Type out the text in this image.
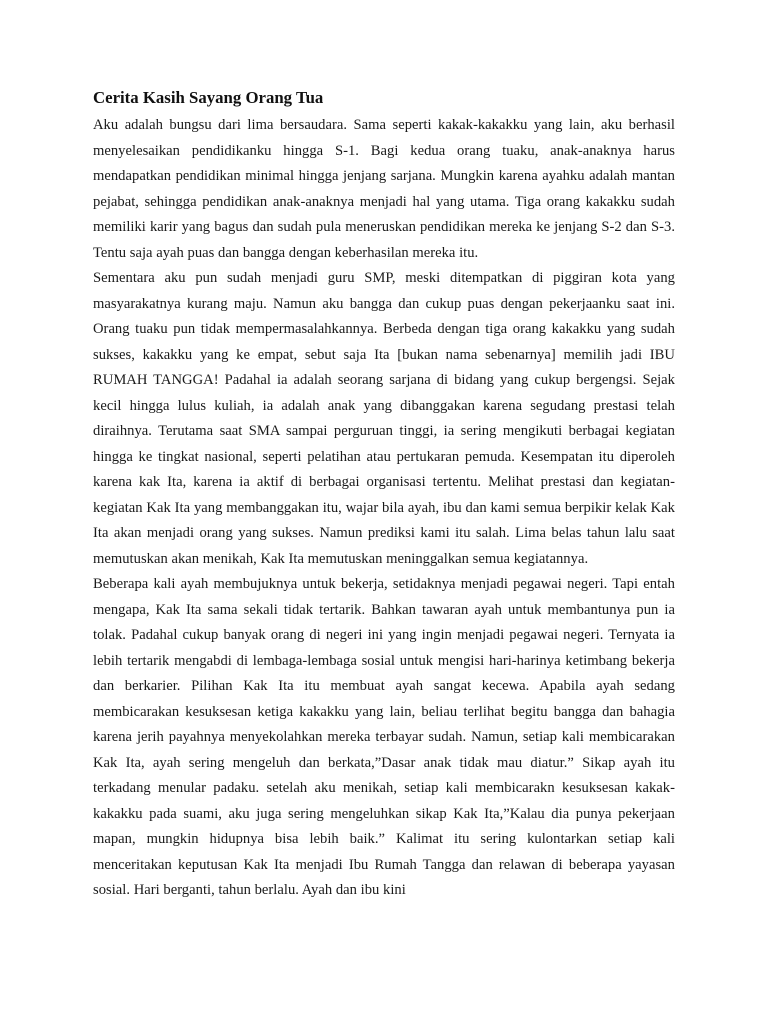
Cerita Kasih Sayang Orang Tua

Aku adalah bungsu dari lima bersaudara. Sama seperti kakak-kakakku yang lain, aku berhasil menyelesaikan pendidikanku hingga S-1. Bagi kedua orang tuaku, anak-anaknya harus mendapatkan pendidikan minimal hingga jenjang sarjana. Mungkin karena ayahku adalah mantan pejabat, sehingga pendidikan anak-anaknya menjadi hal yang utama. Tiga orang kakakku sudah memiliki karir yang bagus dan sudah pula meneruskan pendidikan mereka ke jenjang S-2 dan S-3. Tentu saja ayah puas dan bangga dengan keberhasilan mereka itu.

Sementara aku pun sudah menjadi guru SMP, meski ditempatkan di piggiran kota yang masyarakatnya kurang maju. Namun aku bangga dan cukup puas dengan pekerjaanku saat ini. Orang tuaku pun tidak mempermasalahkannya. Berbeda dengan tiga orang kakakku yang sudah sukses, kakakku yang ke empat, sebut saja Ita [bukan nama sebenarnya] memilih jadi IBU RUMAH TANGGA! Padahal ia adalah seorang sarjana di bidang yang cukup bergengsi. Sejak kecil hingga lulus kuliah, ia adalah anak yang dibanggakan karena segudang prestasi telah diraihnya. Terutama saat SMA sampai perguruan tinggi, ia sering mengikuti berbagai kegiatan hingga ke tingkat nasional, seperti pelatihan atau pertukaran pemuda. Kesempatan itu diperoleh karena kak Ita, karena ia aktif di berbagai organisasi tertentu. Melihat prestasi dan kegiatan-kegiatan Kak Ita yang membanggakan itu, wajar bila ayah, ibu dan kami semua berpikir kelak Kak Ita akan menjadi orang yang sukses. Namun prediksi kami itu salah. Lima belas tahun lalu saat memutuskan akan menikah, Kak Ita memutuskan meninggalkan semua kegiatannya.

Beberapa kali ayah membujuknya untuk bekerja, setidaknya menjadi pegawai negeri. Tapi entah mengapa, Kak Ita sama sekali tidak tertarik. Bahkan tawaran ayah untuk membantunya pun ia tolak. Padahal cukup banyak orang di negeri ini yang ingin menjadi pegawai negeri. Ternyata ia lebih tertarik mengabdi di lembaga-lembaga sosial untuk mengisi hari-harinya ketimbang bekerja dan berkarier. Pilihan Kak Ita itu membuat ayah sangat kecewa. Apabila ayah sedang membicarakan kesuksesan ketiga kakakku yang lain, beliau terlihat begitu bangga dan bahagia karena jerih payahnya menyekolahkan mereka terbayar sudah. Namun, setiap kali membicarakan Kak Ita, ayah sering mengeluh dan berkata,”Dasar anak tidak mau diatur.” Sikap ayah itu terkadang menular padaku. setelah aku menikah, setiap kali membicarakn kesuksesan kakak-kakakku pada suami, aku juga sering mengeluhkan sikap Kak Ita,”Kalau dia punya pekerjaan mapan, mungkin hidupnya bisa lebih baik.” Kalimat itu sering kulontarkan setiap kali menceritakan keputusan Kak Ita menjadi Ibu Rumah Tangga dan relawan di beberapa yayasan sosial. Hari berganti, tahun berlalu. Ayah dan ibu kini
